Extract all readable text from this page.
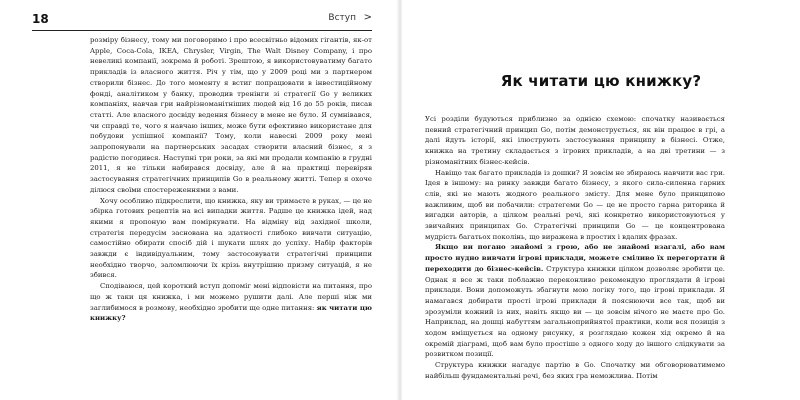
18	Вступ >

розміру бізнесу, тому ми поговоримо і про всесвітньо відомих гігантів, як-от Apple, Coca-Cola, IKEA, Chrysler, Virgin, The Walt Disney Company, і про невеликі компанії, зокрема й роботі. Зрештою, я використовуватиму багато прикладів із власного життя. Річ у тім, що у 2009 році ми з партнером створили бізнес. До того моменту я встиг попрацювати в інвестиційному фонді, аналітиком у банку, проводив тренінги зі стратегії Go у великих компаніях, навчав гри найрізноманітніших людей від 16 до 55 років, писав статті. Але власного досвіду ведення бізнесу в мене не було. Я сумнівався, чи справді те, чого я навчаю інших, може бути ефективно використане для побудови успішної компанії? Тому, коли навесні 2009 року мені запропонували на партнерських засадах створити власний бізнес, я з радістю погодився. Наступні три роки, за які ми продали компанію в грудні 2011, я не тільки набирався досвіду, але й на практиці перевіряв застосування стратегічних принципів Go в реальному житті. Тепер я охоче ділюся своїми спостереженнями з вами.

Хочу особливо підкреслити, що книжка, яку ви тримаєте в руках, — це не збірка готових рецептів на всі випадки життя. Радше це книжка ідей, над якими я пропоную вам поміркувати. На відміну від західної школи, стратегія передусім заснована на здатності глибоко вивчати ситуацію, самостійно обирати спосіб дій і шукати шлях до успіху. Набір факторів завжди є індивідуальним, тому застосовувати стратегічні принципи необхідно творчо, заломлюючи їх крізь внутрішню призму ситуацій, я не збився.

Сподіваюся, цей короткий вступ допоміг мені відповісти на питання, про що ж таки ця книжка, і ми можемо рушити далі. Але перші ніж ми заглибимося в розмову, необхідно зробити ще одне питання: як читати цю книжку?

Як читати цю книжку?

Усі розділи будуються приблизно за однією схемою: спочатку називається певний стратегічний принцип Go, потім демонструється, як він працює в грі, а далі йдуть історії, які ілюструють застосування принципу в бізнесі. Отже, книжка на третину складається з ігрових прикладів, а на дві третини — з різноманітних бізнес-кейсів.

Навіщо так багато прикладів із дошки? Я зовсім не збираюсь навчити вас гри. Ідея в іншому: на ринку завжди багато бізнесу, з якого сила-силенна гарних слів, які не мають жодного реального змісту. Для мене було принципово важливим, щоб ви побачили: стратегеми Go — це не просто гарна риторика й вигадки авторів, а цілком реальні речі, які конкретно використовуються у звичайних принципах Go. Стратегічні принципи Go — це концентрована мудрість багатьох поколінь, що виражена в простих і вдалих фразах.

Якщо ви погано знайомі з грою, або не знайомі взагалі, або вам просто нудно вивчати ігрові приклади, можете сміливо їх перегортати й переходити до бізнес-кейсів. Структура книжки цілком дозволяє зробити це. Однак я все ж таки поблажно переконливо рекомендую проглядати й ігрові приклади. Вони допоможуть збагнути мою логіку того, що ігрові приклади. Я намагався добирати прості ігрові приклади й пояснюючи все так, щоб ви зрозуміли кожний із них, навіть якщо ви — це зовсім нічого не маєте про Go. Наприклад, на дошці набуттям загальноприйнятої практики, коли вся позиція з ходом вміщується на одному рисунку, я розглядаю кожен хід окремо й на окремій діаграмі, щоб вам було простіше з одного ходу до іншого слідкувати за розвитком позиції.

Структура книжки нагадує партію в Go. Спочатку ми обговорюватимемо найбільш фундаментальні речі, без яких гра неможлива. Потім
